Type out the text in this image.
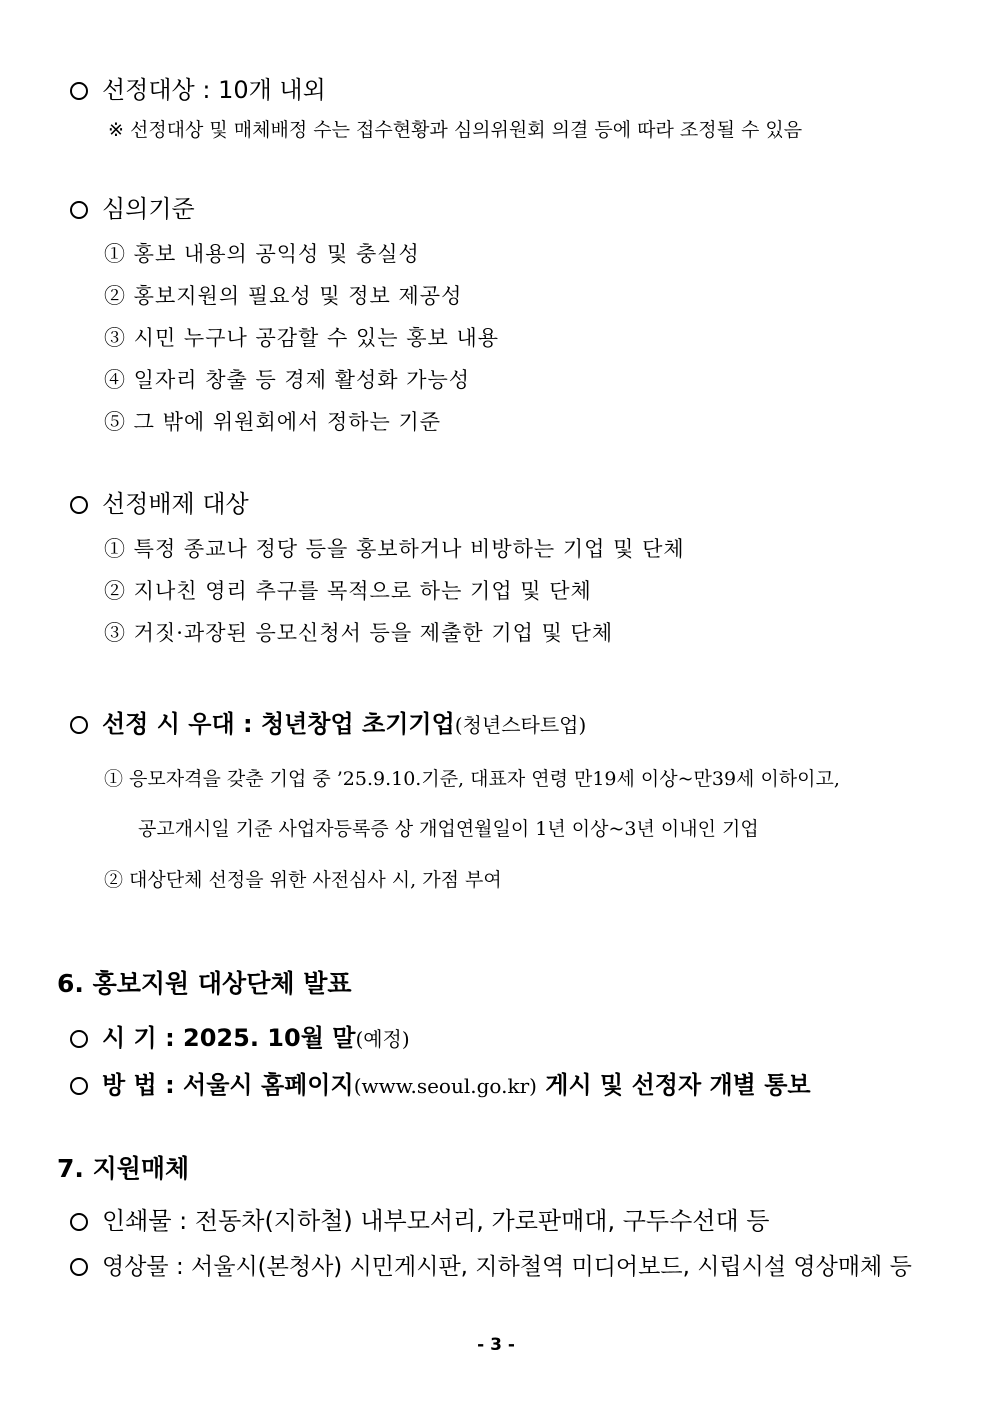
선정대상 : 10개 내외
※ 선정대상 및 매체배정 수는 접수현황과 심의위원회 의결 등에 따라 조정될 수 있음
심의기준
① 홍보 내용의 공익성 및 충실성
② 홍보지원의 필요성 및 정보 제공성
③ 시민 누구나 공감할 수 있는 홍보 내용
④ 일자리 창출 등 경제 활성화 가능성
⑤ 그 밖에 위원회에서 정하는 기준
선정배제 대상
① 특정 종교나 정당 등을 홍보하거나 비방하는 기업 및 단체
② 지나친 영리 추구를 목적으로 하는 기업 및 단체
③ 거짓·과장된 응모신청서 등을 제출한 기업 및 단체
선정 시 우대 : 청년창업 초기기업(청년스타트업)
① 응모자격을 갖춘 기업 중 ’25.9.10.기준, 대표자 연령 만19세 이상~만39세 이하이고,
공고개시일 기준 사업자등록증 상 개업연월일이 1년 이상~3년 이내인 기업
② 대상단체 선정을 위한 사전심사 시, 가점 부여
6. 홍보지원 대상단체 발표
시 기 : 2025. 10월 말(예정)
방 법 : 서울시 홈페이지(www.seoul.go.kr) 게시 및 선정자 개별 통보
7. 지원매체
인쇄물 : 전동차(지하철) 내부모서리, 가로판매대, 구두수선대 등
영상물 : 서울시(본청사) 시민게시판, 지하철역 미디어보드, 시립시설 영상매체 등
- 3 -
